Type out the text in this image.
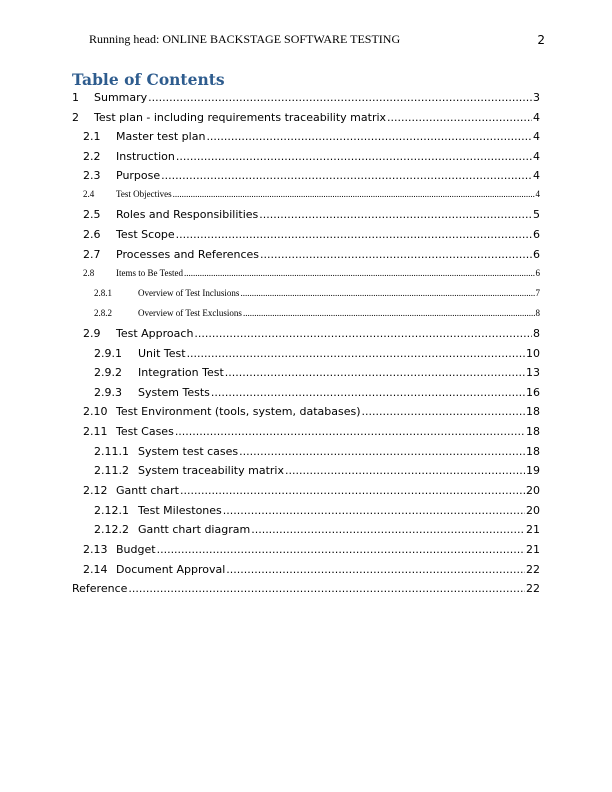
Running head: ONLINE BACKSTAGE SOFTWARE TESTING	2
Table of Contents
1	Summary .....	3
2	Test plan - including requirements traceability matrix .....	4
2.1	Master test plan .....	4
2.2	Instruction .....	4
2.3	Purpose .....	4
2.4	Test Objectives .....	4
2.5	Roles and Responsibilities .....	5
2.6	Test Scope .....	6
2.7	Processes and References .....	6
2.8	Items to Be Tested .....	6
2.8.1	Overview of Test Inclusions .....	7
2.8.2	Overview of Test Exclusions .....	8
2.9	Test Approach .....	8
2.9.1	Unit Test .....	10
2.9.2	Integration Test .....	13
2.9.3	System Tests .....	16
2.10 Test Environment (tools, system, databases) .....	18
2.11 Test Cases .....	18
2.11.1 System test cases .....	18
2.11.2 System traceability matrix .....	19
2.12 Gantt chart .....	20
2.12.1 Test Milestones .....	20
2.12.2 Gantt chart diagram .....	21
2.13 Budget .....	21
2.14 Document Approval .....	22
Reference .....	22
